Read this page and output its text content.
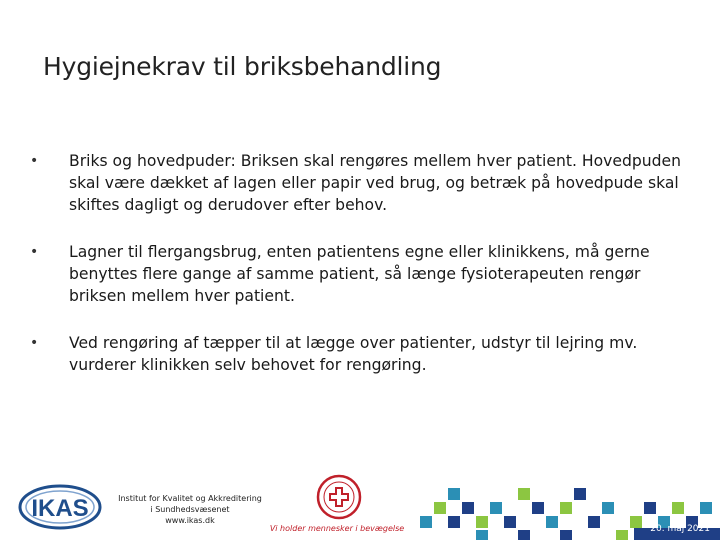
Hygiejnekrav til briksbehandling
• Briks og hovedpuder: Briksen skal rengøres mellem hver patient. Hovedpuden skal være dækket af lagen eller papir ved brug, og betræk på hovedpude skal skiftes dagligt og derudover efter behov.
• Lagner til flergangsbrug, enten patientens egne eller klinikkens, må gerne benyttes flere gange af samme patient, så længe fysioterapeuten rengør briksen mellem hver patient.
• Ved rengøring af tæpper til at lægge over patienter, udstyr til lejring mv. vurderer klinikken selv behovet for rengøring.
IKAS	Institut for Kvalitet og Akkreditering
i Sundhedsvæsenet
www.ikas.dk
Vi holder mennesker i bevægelse	20. maj 2021
